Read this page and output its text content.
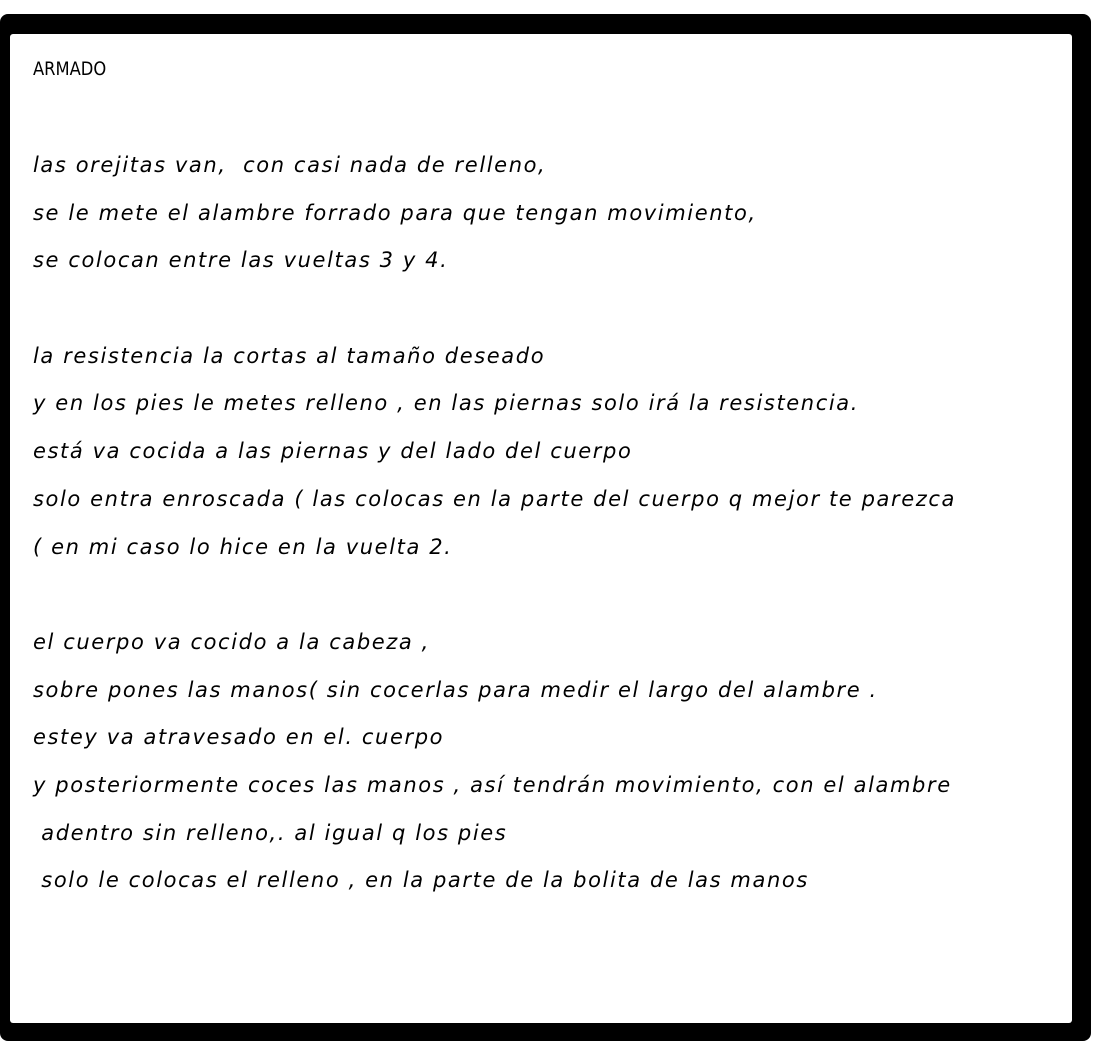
ARMADO
las orejitas van,  con casi nada de relleno,
se le mete el alambre forrado para que tengan movimiento,
se colocan entre las vueltas 3 y 4.
la resistencia la cortas al tamaño deseado
y en los pies le metes relleno , en las piernas solo irá la resistencia.
está va cocida a las piernas y del lado del cuerpo
solo entra enroscada ( las colocas en la parte del cuerpo q mejor te parezca
( en mi caso lo hice en la vuelta 2.
el cuerpo va cocido a la cabeza ,
sobre pones las manos( sin cocerlas para medir el largo del alambre .
estey va atravesado en el. cuerpo
y posteriormente coces las manos , así tendrán movimiento, con el alambre
adentro sin relleno,. al igual q los pies
solo le colocas el relleno , en la parte de la bolita de las manos
